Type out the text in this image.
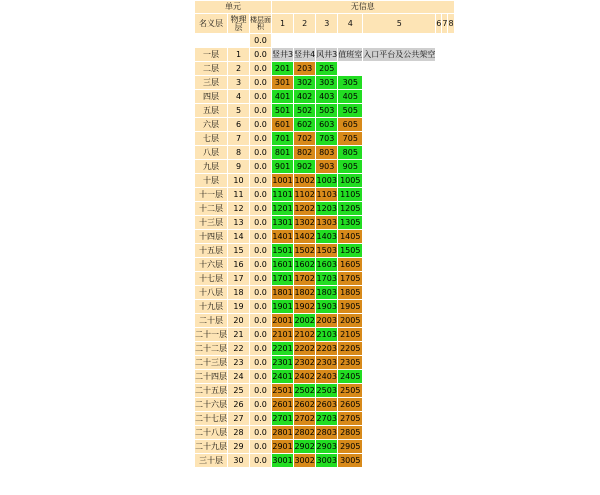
单元			无信息							
名义层	物理层	楼层面积	1	2	3	4	5	6	7	8
		0.0								
一层	1	0.0	竖井3	竖井4	风井3	值班室	入口平台及公共架空			
二层	2	0.0	201	203	205					
三层	3	0.0	301	302	303	305				
四层	4	0.0	401	402	403	405				
五层	5	0.0	501	502	503	505				
六层	6	0.0	601	602	603	605				
七层	7	0.0	701	702	703	705				
八层	8	0.0	801	802	803	805				
九层	9	0.0	901	902	903	905				
十层	10	0.0	1001	1002	1003	1005				
十一层	11	0.0	1101	1102	1103	1105				
十二层	12	0.0	1201	1202	1203	1205				
十三层	13	0.0	1301	1302	1303	1305				
十四层	14	0.0	1401	1402	1403	1405				
十五层	15	0.0	1501	1502	1503	1505				
十六层	16	0.0	1601	1602	1603	1605				
十七层	17	0.0	1701	1702	1703	1705				
十八层	18	0.0	1801	1802	1803	1805				
十九层	19	0.0	1901	1902	1903	1905				
二十层	20	0.0	2001	2002	2003	2005				
二十一层	21	0.0	2101	2102	2103	2105				
二十二层	22	0.0	2201	2202	2203	2205				
二十三层	23	0.0	2301	2302	2303	2305				
二十四层	24	0.0	2401	2402	2403	2405				
二十五层	25	0.0	2501	2502	2503	2505				
二十六层	26	0.0	2601	2602	2603	2605				
二十七层	27	0.0	2701	2702	2703	2705				
二十八层	28	0.0	2801	2802	2803	2805				
二十九层	29	0.0	2901	2902	2903	2905				
三十层	30	0.0	3001	3002	3003	3005				
